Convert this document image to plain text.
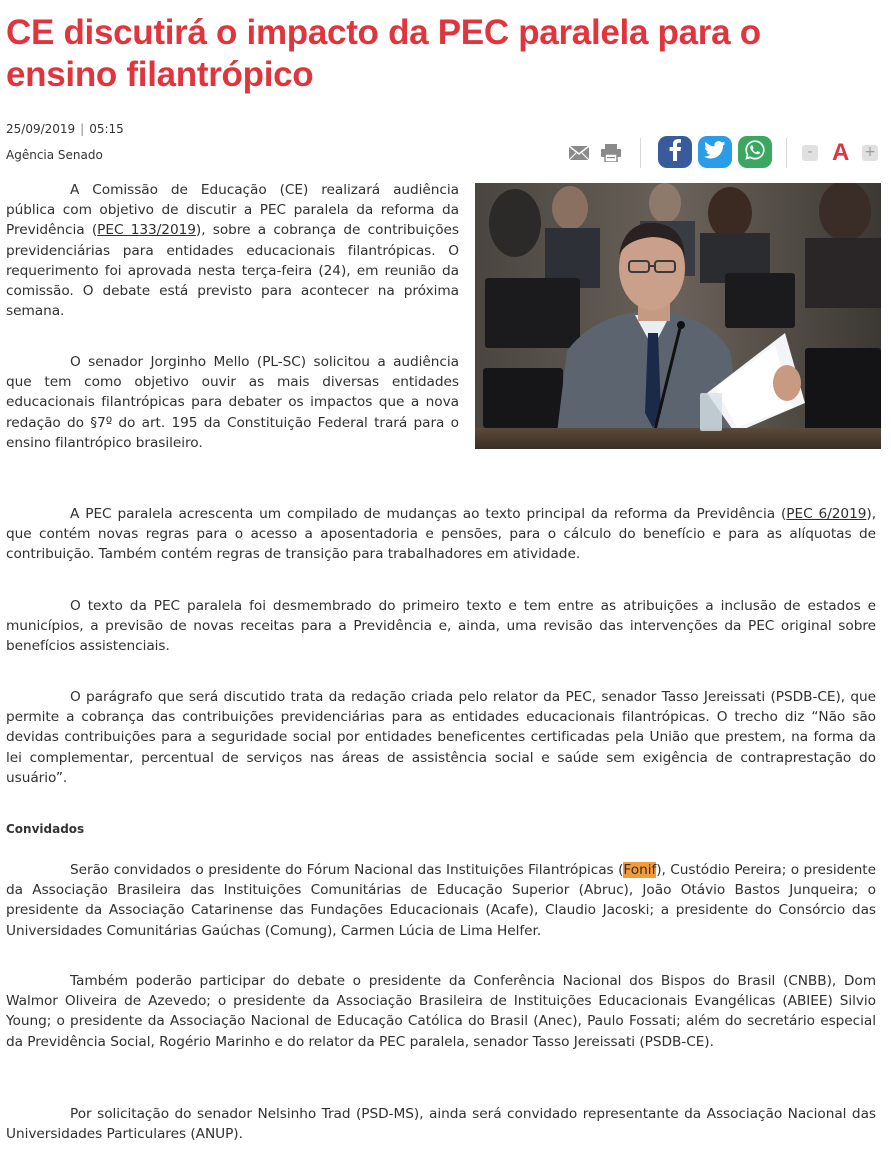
CE discutirá o impacto da PEC paralela para o ensino filantrópico
25/09/2019 | 05:15
Agência Senado	- A +

A Comissão de Educação (CE) realizará audiência pública com objetivo de discutir a PEC paralela da reforma da Previdência (PEC 133/2019), sobre a cobrança de contribuições previdenciárias para entidades educacionais filantrópicas. O requerimento foi aprovada nesta terça-feira (24), em reunião da comissão. O debate está previsto para acontecer na próxima semana.

O senador Jorginho Mello (PL-SC) solicitou a audiência que tem como objetivo ouvir as mais diversas entidades educacionais filantrópicas para debater os impactos que a nova redação do §7º do art. 195 da Constituição Federal trará para o ensino filantrópico brasileiro.

A PEC paralela acrescenta um compilado de mudanças ao texto principal da reforma da Previdência (PEC 6/2019), que contém novas regras para o acesso a aposentadoria e pensões, para o cálculo do benefício e para as alíquotas de contribuição. Também contém regras de transição para trabalhadores em atividade.

O texto da PEC paralela foi desmembrado do primeiro texto e tem entre as atribuições a inclusão de estados e municípios, a previsão de novas receitas para a Previdência e, ainda, uma revisão das intervenções da PEC original sobre benefícios assistenciais.

O parágrafo que será discutido trata da redação criada pelo relator da PEC, senador Tasso Jereissati (PSDB-CE), que permite a cobrança das contribuições previdenciárias para as entidades educacionais filantrópicas. O trecho diz “Não são devidas contribuições para a seguridade social por entidades beneficentes certificadas pela União que prestem, na forma da lei complementar, percentual de serviços nas áreas de assistência social e saúde sem exigência de contraprestação do usuário”.

Convidados

Serão convidados o presidente do Fórum Nacional das Instituições Filantrópicas (Fonif), Custódio Pereira; o presidente da Associação Brasileira das Instituições Comunitárias de Educação Superior (Abruc), João Otávio Bastos Junqueira; o presidente da Associação Catarinense das Fundações Educacionais (Acafe), Claudio Jacoski; a presidente do Consórcio das Universidades Comunitárias Gaúchas (Comung), Carmen Lúcia de Lima Helfer.

Também poderão participar do debate o presidente da Conferência Nacional dos Bispos do Brasil (CNBB), Dom Walmor Oliveira de Azevedo; o presidente da Associação Brasileira de Instituições Educacionais Evangélicas (ABIEE) Silvio Young; o presidente da Associação Nacional de Educação Católica do Brasil (Anec), Paulo Fossati; além do secretário especial da Previdência Social, Rogério Marinho e do relator da PEC paralela, senador Tasso Jereissati (PSDB-CE).

Por solicitação do senador Nelsinho Trad (PSD-MS), ainda será convidado representante da Associação Nacional das Universidades Particulares (ANUP).
